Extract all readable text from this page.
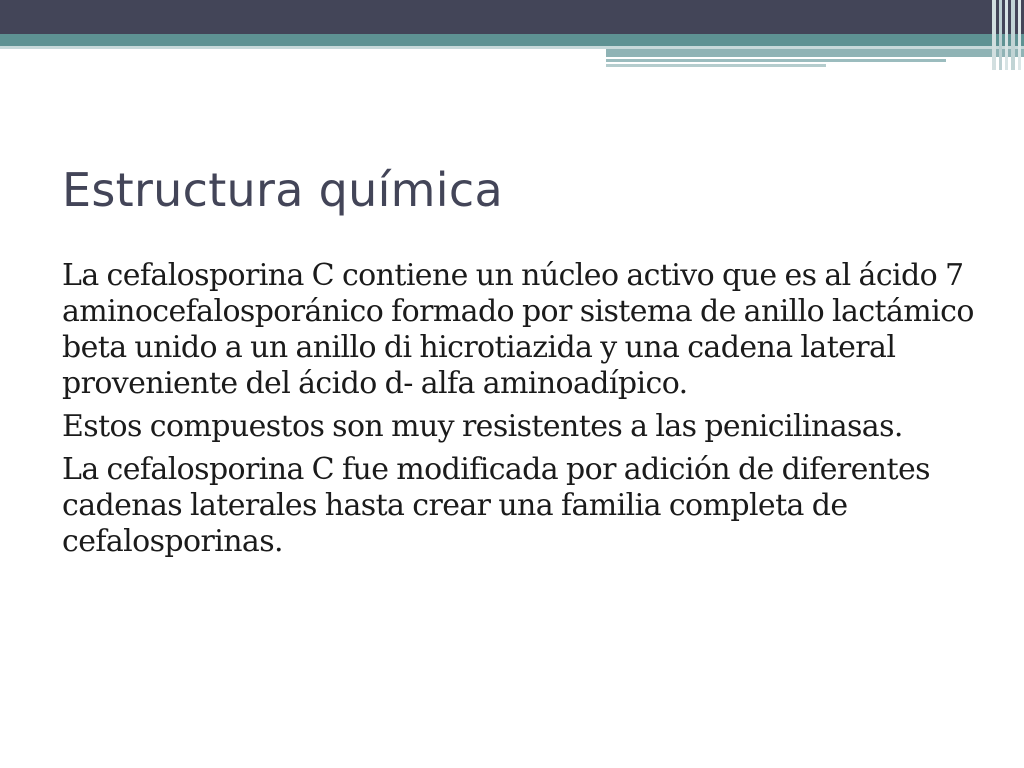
Estructura química
La cefalosporina C contiene un núcleo activo que es al ácido 7 aminocefalosporánico formado por sistema de anillo lactámico beta unido a un anillo di hicrotiazida y una cadena lateral proveniente del ácido d- alfa aminoadípico.
Estos compuestos son muy resistentes a las penicilinasas.
La cefalosporina C fue modificada por adición de diferentes cadenas laterales hasta crear una familia completa de cefalosporinas.
